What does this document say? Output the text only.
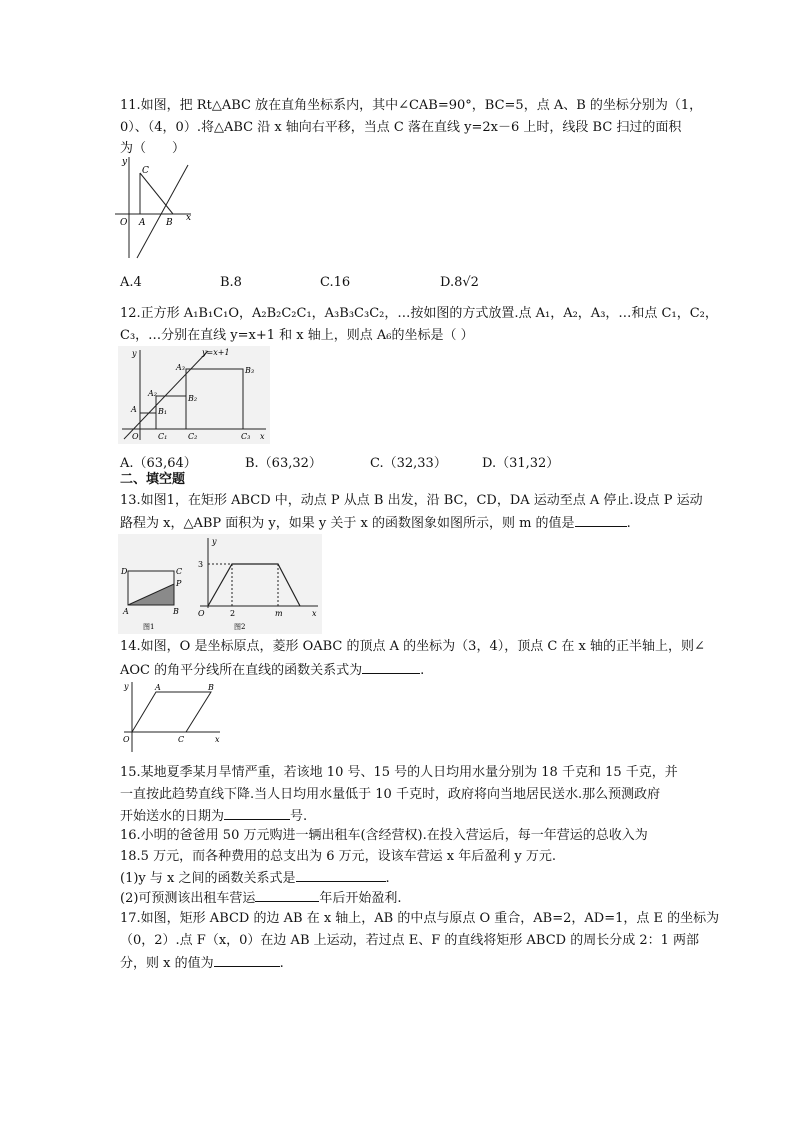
11.如图，把 Rt△ABC 放在直角坐标系内，其中∠CAB=90°，BC=5，点 A、B 的坐标分别为（1，
0）、（4，0）.将△ABC 沿 x 轴向右平移，当点 C 落在直线 y=2x－6 上时，线段 BC 扫过的面积
为（　　）
y
x
O A B
C
A.4	B.8	C.16	D.8√2
12.正方形 A₁B₁C₁O，A₂B₂C₂C₁，A₃B₃C₃C₂，…按如图的方式放置.点 A₁，A₂，A₃，…和点 C₁，C₂，
C₃，…分别在直线 y=x+1 和 x 轴上，则点 A₆的坐标是（ ）
y=x+1
y
x
O
A
A₂
A₃
B₁
B₂
B₃
C₁	C₂	C₃
A.（63,64）	B.（63,32）	C.（32,33）	D.（31,32）
二、填空题
13.如图1，在矩形 ABCD 中，动点 P 从点 B 出发，沿 BC，CD，DA 运动至点 A 停止.设点 P 运动
路程为 x，△ABP 面积为 y，如果 y 关于 x 的函数图象如图所示，则 m 的值是	.
D	C
P
A	B
图1
y
x
O
3
2	m
图2
14.如图，O 是坐标原点，菱形 OABC 的顶点 A 的坐标为（3，4），顶点 C 在 x 轴的正半轴上，则∠
AOC 的角平分线所在直线的函数关系式为	.
y
x
O
A	B
C
15.某地夏季某月旱情严重，若该地 10 号、15 号的人日均用水量分别为 18 千克和 15 千克，并
一直按此趋势直线下降.当人日均用水量低于 10 千克时，政府将向当地居民送水.那么预测政府
开始送水的日期为	号.
16.小明的爸爸用 50 万元购进一辆出租车(含经营权).在投入营运后，每一年营运的总收入为
18.5 万元，而各种费用的总支出为 6 万元，设该车营运 x 年后盈利 y 万元.
(1)y 与 x 之间的函数关系式是	.
(2)可预测该出租车营运	年后开始盈利.
17.如图，矩形 ABCD 的边 AB 在 x 轴上，AB 的中点与原点 O 重合，AB=2，AD=1，点 E 的坐标为
（0，2）.点 F（x，0）在边 AB 上运动，若过点 E、F 的直线将矩形 ABCD 的周长分成 2：1 两部
分，则 x 的值为	.
